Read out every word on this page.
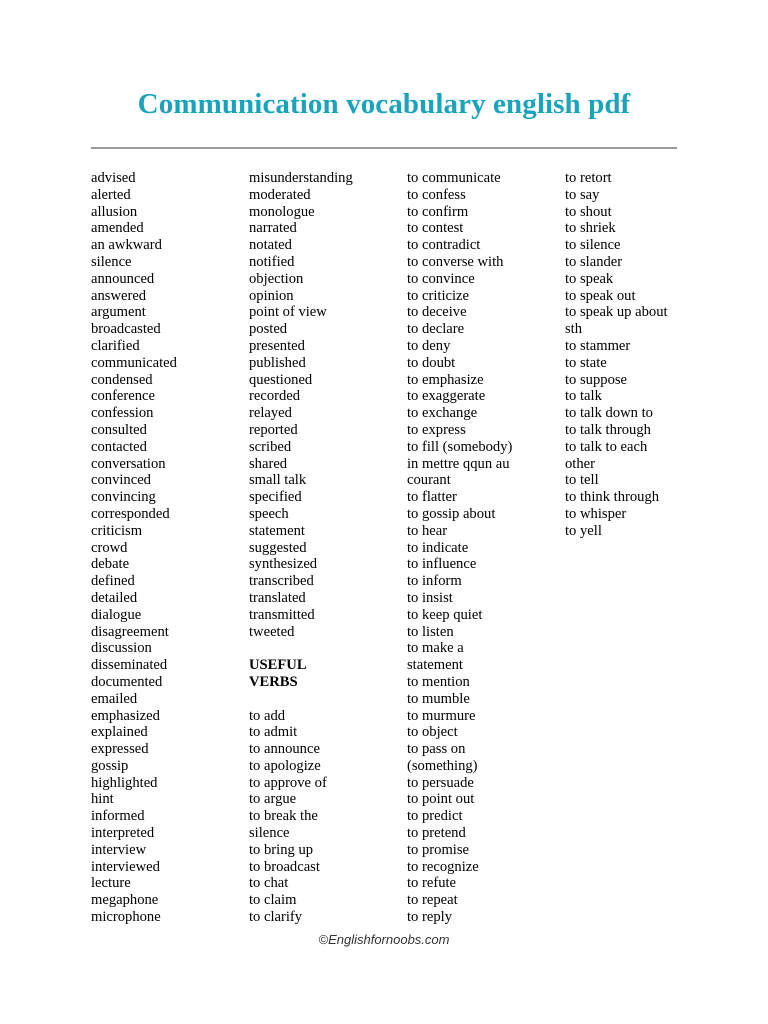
Communication vocabulary english pdf
advised
alerted
allusion
amended
an awkward
silence
announced
answered
argument
broadcasted
clarified
communicated
condensed
conference
confession
consulted
contacted
conversation
convinced
convincing
corresponded
criticism
crowd
debate
defined
detailed
dialogue
disagreement
discussion
disseminated
documented
emailed
emphasized
explained
expressed
gossip
highlighted
hint
informed
interpreted
interview
interviewed
lecture
megaphone
microphone
misunderstanding
moderated
monologue
narrated
notated
notified
objection
opinion
point of view
posted
presented
published
questioned
recorded
relayed
reported
scribed
shared
small talk
specified
speech
statement
suggested
synthesized
transcribed
translated
transmitted
tweeted
USEFUL
VERBS
to add
to admit
to announce
to apologize
to approve of
to argue
to break the
silence
to bring up
to broadcast
to chat
to claim
to clarify
to communicate
to confess
to confirm
to contest
to contradict
to converse with
to convince
to criticize
to deceive
to declare
to deny
to doubt
to emphasize
to exaggerate
to exchange
to express
to fill (somebody)
in mettre qqun au
courant
to flatter
to gossip about
to hear
to indicate
to influence
to inform
to insist
to keep quiet
to listen
to make a
statement
to mention
to mumble
to murmure
to object
to pass on
(something)
to persuade
to point out
to predict
to pretend
to promise
to recognize
to refute
to repeat
to reply
to retort
to say
to shout
to shriek
to silence
to slander
to speak
to speak out
to speak up about
sth
to stammer
to state
to suppose
to talk
to talk down to
to talk through
to talk to each
other
to tell
to think through
to whisper
to yell
©Englishfornoobs.com
